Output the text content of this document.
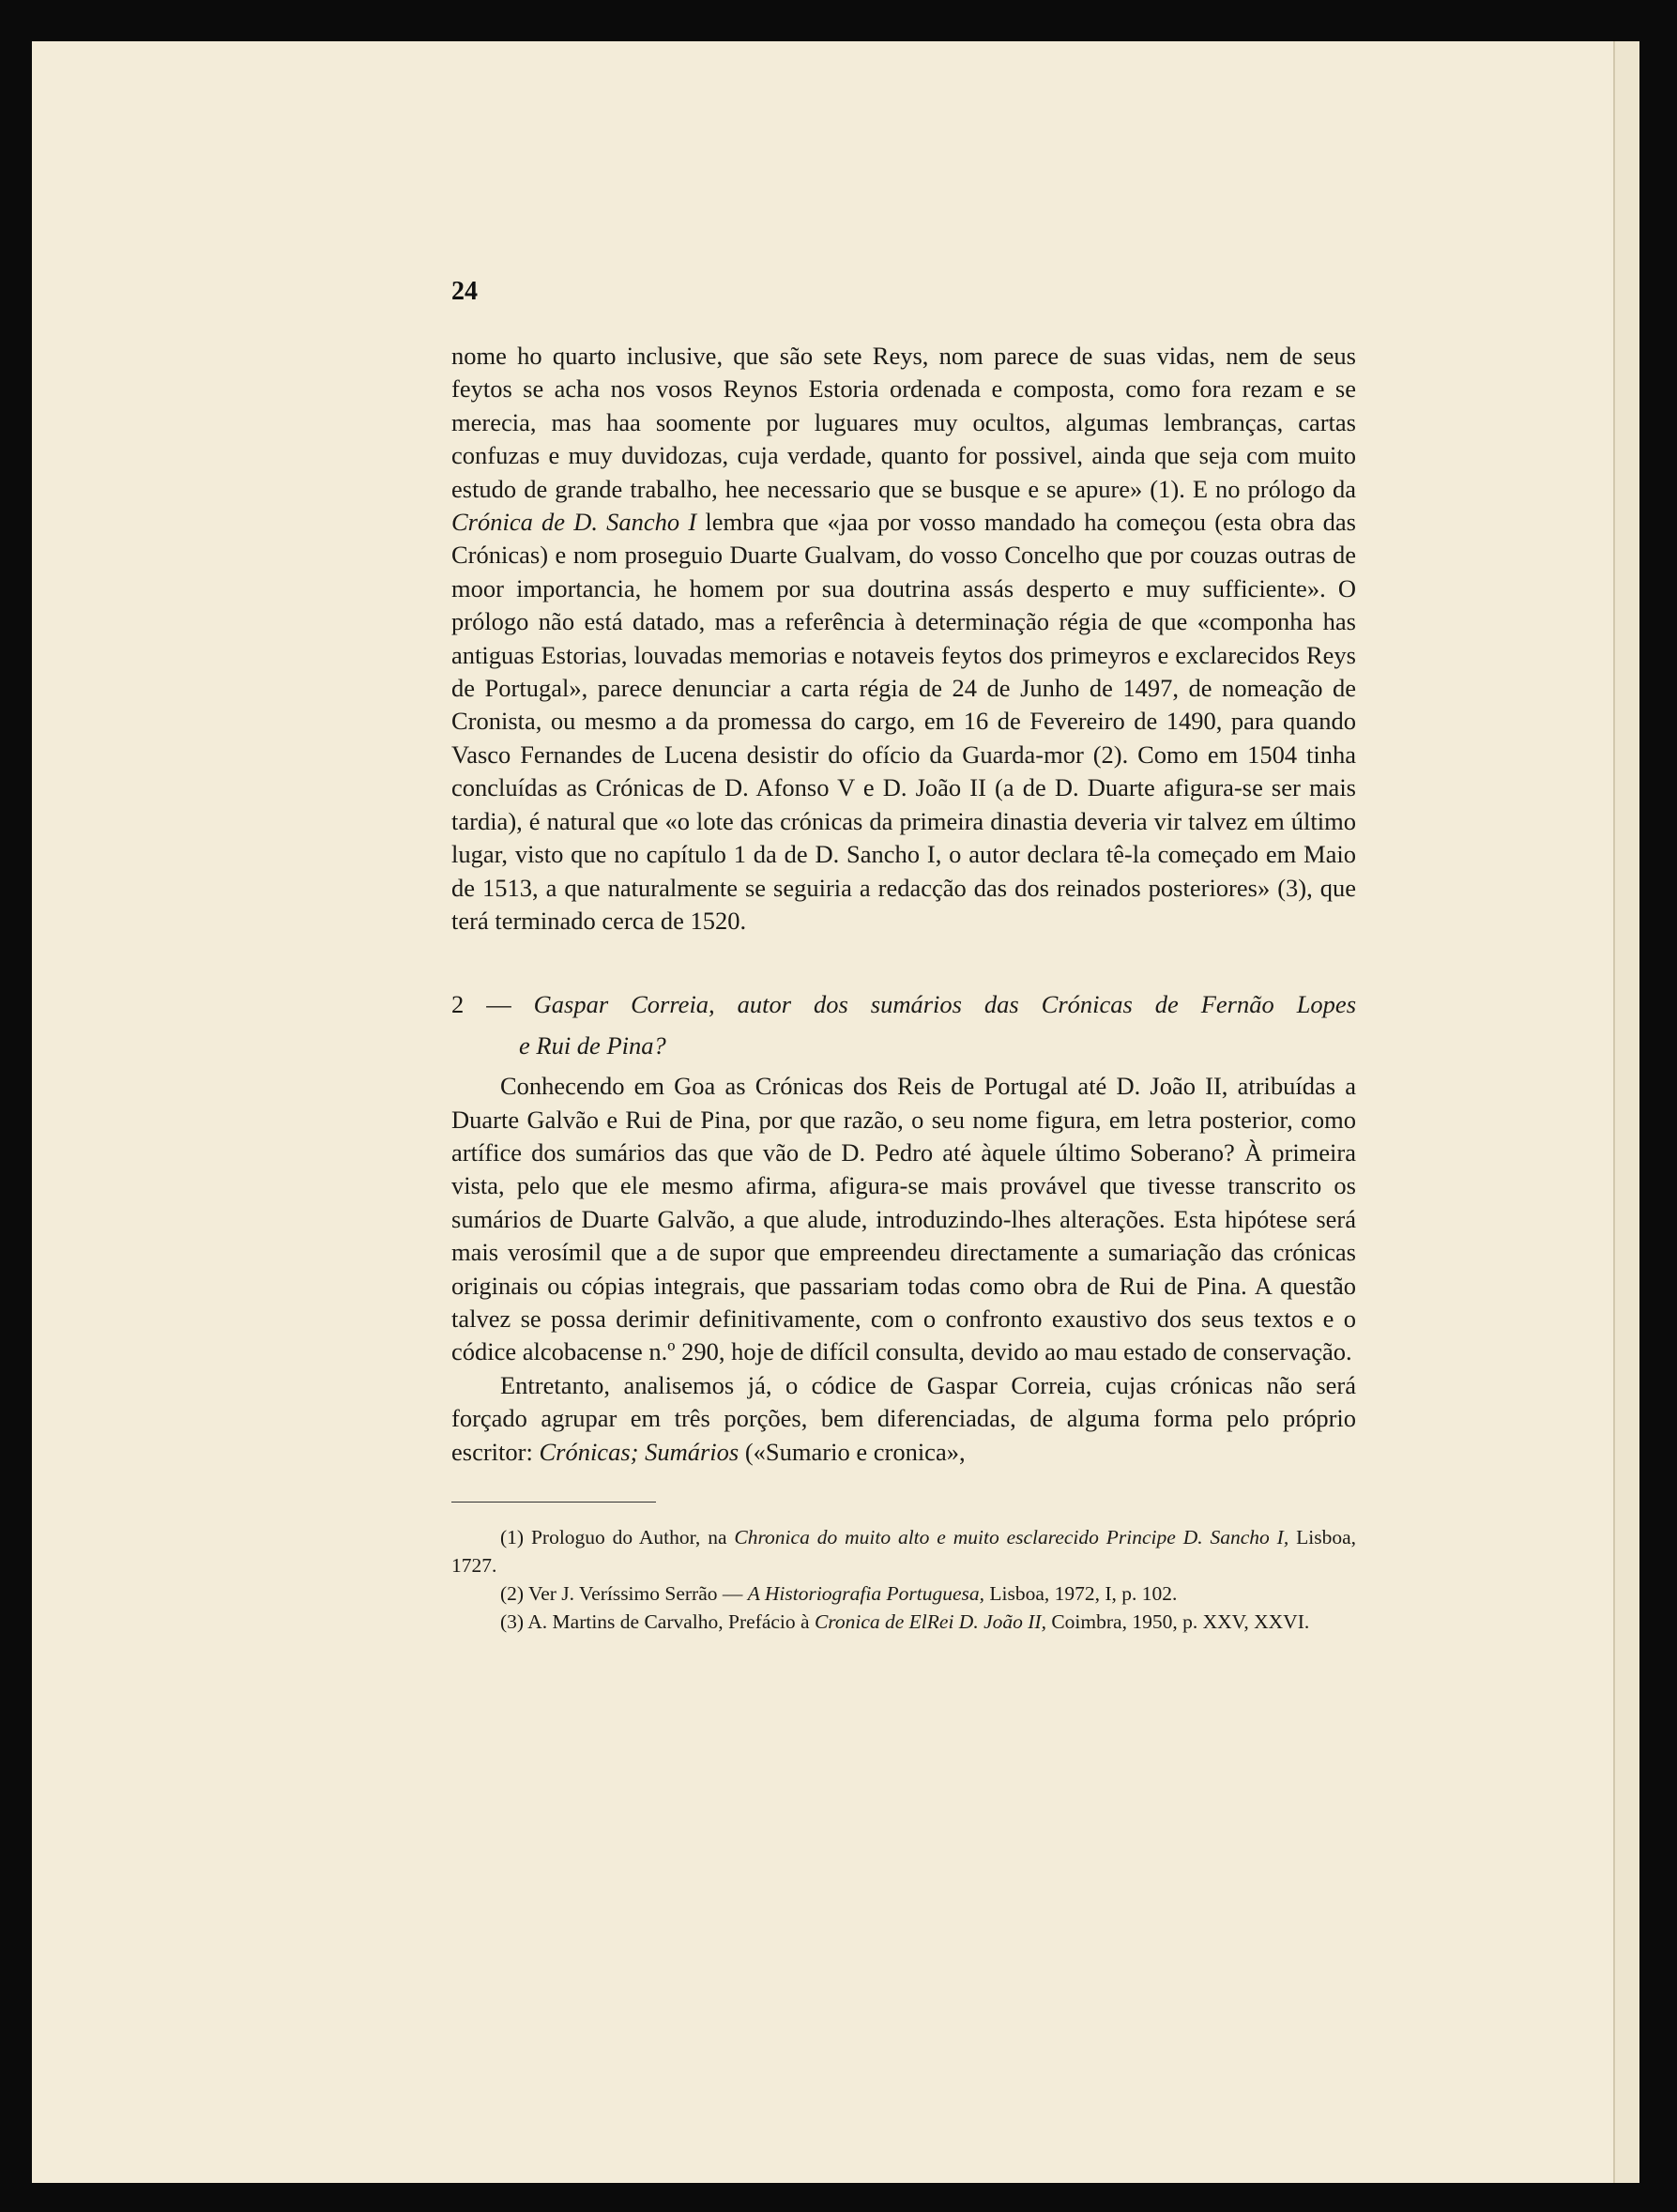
24

nome ho quarto inclusive, que são sete Reys, nom parece de suas vidas, nem de seus feytos se acha nos vosos Reynos Estoria ordenada e composta, como fora rezam e se merecia, mas haa soomente por luguares muy ocultos, algumas lembranças, cartas confuzas e muy duvidozas, cuja verdade, quanto for possivel, ainda que seja com muito estudo de grande trabalho, hee necessario que se busque e se apure» (1). E no prólogo da Crónica de D. Sancho I lembra que «jaa por vosso mandado ha começou (esta obra das Crónicas) e nom proseguio Duarte Gualvam, do vosso Concelho que por couzas outras de moor importancia, he homem por sua doutrina assás desperto e muy sufficiente». O prólogo não está datado, mas a referência à determinação régia de que «componha has antiguas Estorias, louvadas memorias e notaveis feytos dos primeyros e exclarecidos Reys de Portugal», parece denunciar a carta régia de 24 de Junho de 1497, de nomeação de Cronista, ou mesmo a da promessa do cargo, em 16 de Fevereiro de 1490, para quando Vasco Fernandes de Lucena desistir do ofício da Guarda-mor (2). Como em 1504 tinha concluídas as Crónicas de D. Afonso V e D. João II (a de D. Duarte afigura-se ser mais tardia), é natural que «o lote das crónicas da primeira dinastia deveria vir talvez em último lugar, visto que no capítulo 1 da de D. Sancho I, o autor declara tê-la começado em Maio de 1513, a que naturalmente se seguiria a redacção das dos reinados posteriores» (3), que terá terminado cerca de 1520.

2 — Gaspar Correia, autor dos sumários das Crónicas de Fernão Lopes
e Rui de Pina?

Conhecendo em Goa as Crónicas dos Reis de Portugal até D. João II, atribuídas a Duarte Galvão e Rui de Pina, por que razão, o seu nome figura, em letra posterior, como artífice dos sumários das que vão de D. Pedro até àquele último Soberano? À primeira vista, pelo que ele mesmo afirma, afigura-se mais provável que tivesse transcrito os sumários de Duarte Galvão, a que alude, introduzindo-lhes alterações. Esta hipótese será mais verosímil que a de supor que empreendeu directamente a sumariação das crónicas originais ou cópias integrais, que passariam todas como obra de Rui de Pina. A questão talvez se possa derimir definitivamente, com o confronto exaustivo dos seus textos e o códice alcobacense n.º 290, hoje de difícil consulta, devido ao mau estado de conservação.

Entretanto, analisemos já, o códice de Gaspar Correia, cujas crónicas não será forçado agrupar em três porções, bem diferenciadas, de alguma forma pelo próprio escritor: Crónicas; Sumários («Sumario e cronica»,

(1) Prologuo do Author, na Chronica do muito alto e muito esclarecido Principe D. Sancho I, Lisboa, 1727.

(2) Ver J. Veríssimo Serrão — A Historiografia Portuguesa, Lisboa, 1972, I, p. 102.

(3) A. Martins de Carvalho, Prefácio à Cronica de ElRei D. João II, Coimbra, 1950, p. XXV, XXVI.
